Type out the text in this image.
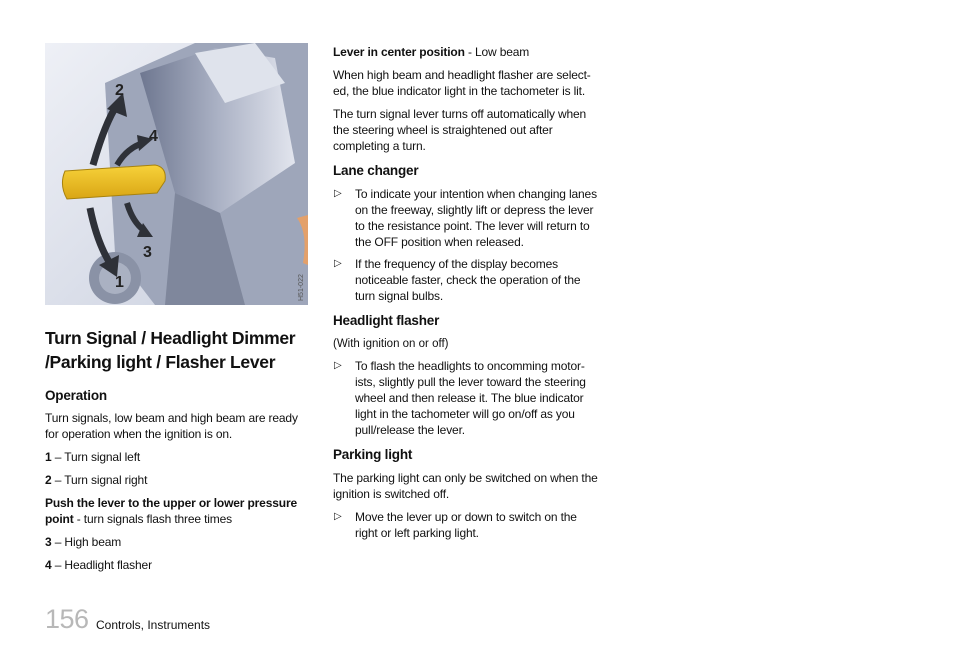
2
4
3
1	H51-022
Turn Signal / Headlight Dimmer
/Parking light / Flasher Lever
Operation
Turn signals, low beam and high beam are ready for operation when the ignition is on.
1 – Turn signal left
2 – Turn signal right
Push the lever to the upper or lower pressure point - turn signals flash three times
3 – High beam
4 – Headlight flasher
Lever in center position - Low beam
When high beam and headlight flasher are select-ed, the blue indicator light in the tachometer is lit.
The turn signal lever turns off automatically when the steering wheel is straightened out after completing a turn.
Lane changer
▷ To indicate your intention when changing lanes on the freeway, slightly lift or depress the lever to the resistance point. The lever will return to the OFF position when released.
▷ If the frequency of the display becomes noticeable faster, check the operation of the turn signal bulbs.
Headlight flasher
(With ignition on or off)
▷ To flash the headlights to oncomming motor-ists, slightly pull the lever toward the steering wheel and then release it. The blue indicator light in the tachometer will go on/off as you pull/release the lever.
Parking light
The parking light can only be switched on when the ignition is switched off.
▷ Move the lever up or down to switch on the right or left parking light.
156 Controls, Instruments
